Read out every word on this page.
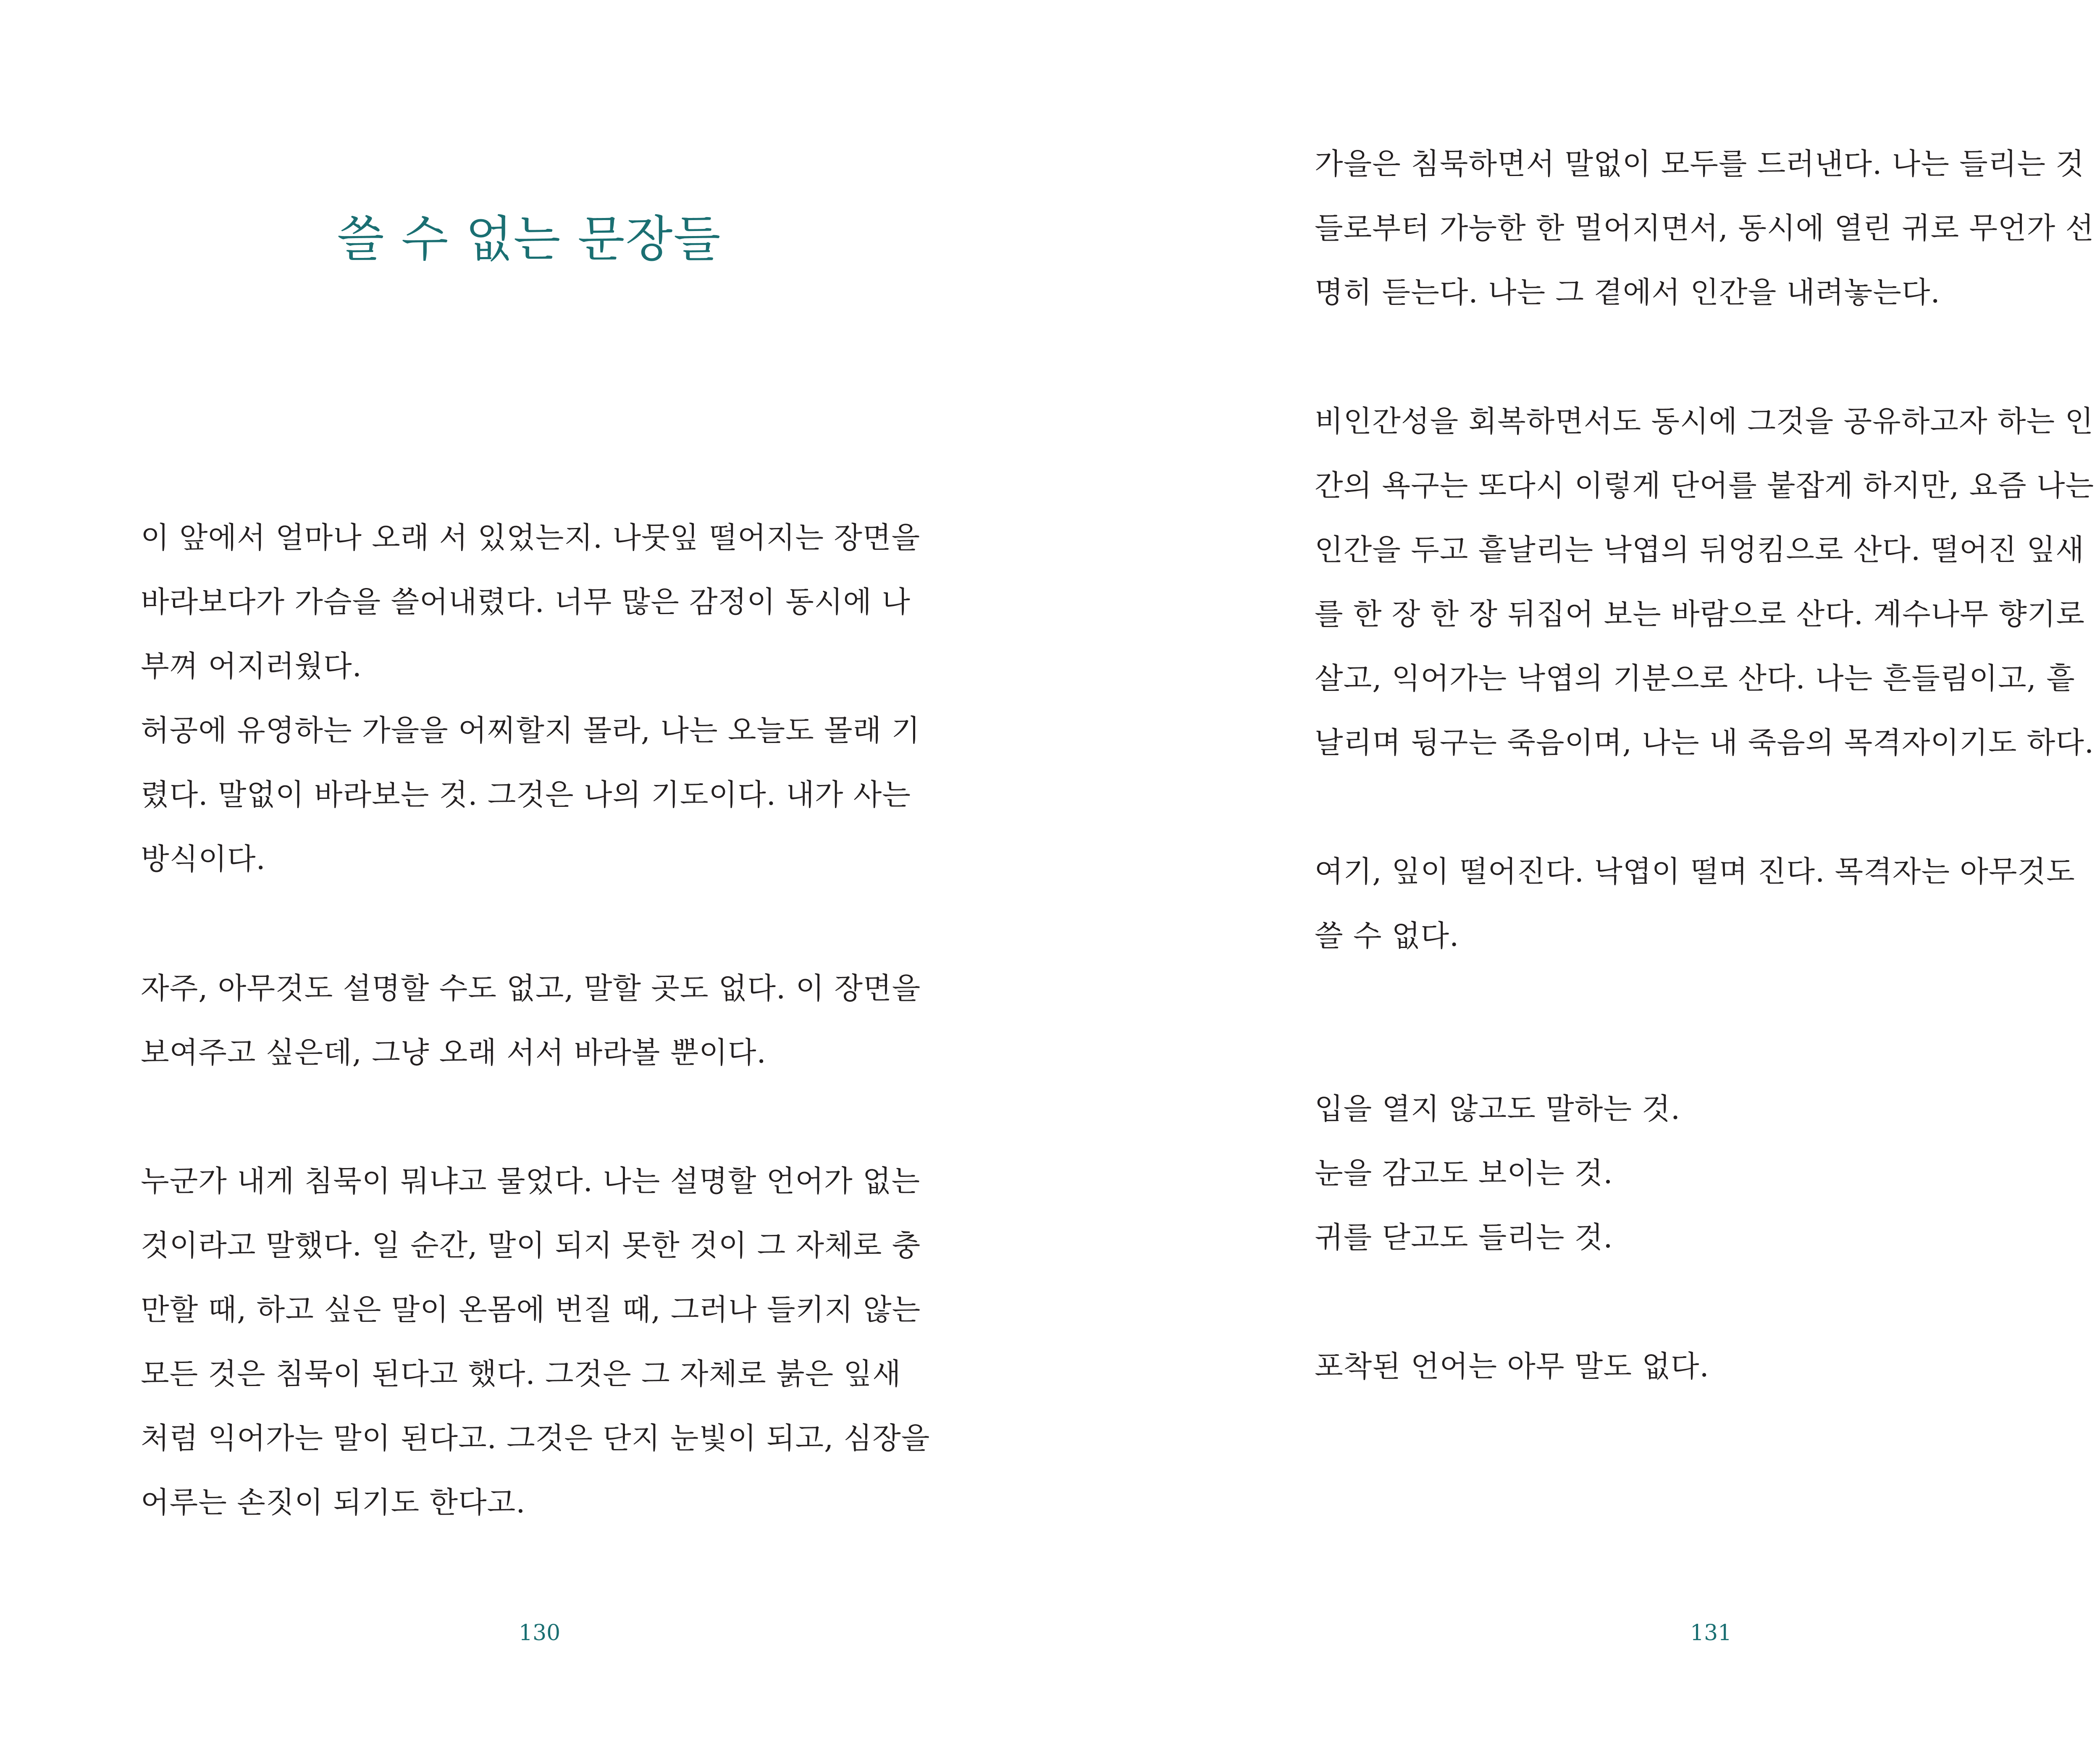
쓸 수 없는 문장들
이 앞에서 얼마나 오래 서 있었는지. 나뭇잎 떨어지는 장면을
바라보다가 가슴을 쓸어내렸다. 너무 많은 감정이 동시에 나
부껴 어지러웠다.
허공에 유영하는 가을을 어찌할지 몰라, 나는 오늘도 몰래 기
렸다. 말없이 바라보는 것. 그것은 나의 기도이다. 내가 사는
방식이다.
자주, 아무것도 설명할 수도 없고, 말할 곳도 없다. 이 장면을
보여주고 싶은데, 그냥 오래 서서 바라볼 뿐이다.
누군가 내게 침묵이 뭐냐고 물었다. 나는 설명할 언어가 없는
것이라고 말했다. 일 순간, 말이 되지 못한 것이 그 자체로 충
만할 때, 하고 싶은 말이 온몸에 번질 때, 그러나 들키지 않는
모든 것은 침묵이 된다고 했다. 그것은 그 자체로 붉은 잎새
처럼 익어가는 말이 된다고. 그것은 단지 눈빛이 되고, 심장을
어루는 손짓이 되기도 한다고.
130
가을은 침묵하면서 말없이 모두를 드러낸다. 나는 들리는 것
들로부터 가능한 한 멀어지면서, 동시에 열린 귀로 무언가 선
명히 듣는다. 나는 그 곁에서 인간을 내려놓는다.
비인간성을 회복하면서도 동시에 그것을 공유하고자 하는 인
간의 욕구는 또다시 이렇게 단어를 붙잡게 하지만, 요즘 나는
인간을 두고 흩날리는 낙엽의 뒤엉킴으로 산다. 떨어진 잎새
를 한 장 한 장 뒤집어 보는 바람으로 산다. 계수나무 향기로
살고, 익어가는 낙엽의 기분으로 산다. 나는 흔들림이고, 흩
날리며 뒹구는 죽음이며, 나는 내 죽음의 목격자이기도 하다.
여기, 잎이 떨어진다. 낙엽이 떨며 진다. 목격자는 아무것도
쓸 수 없다.
입을 열지 않고도 말하는 것.
눈을 감고도 보이는 것.
귀를 닫고도 들리는 것.
포착된 언어는 아무 말도 없다.
131
